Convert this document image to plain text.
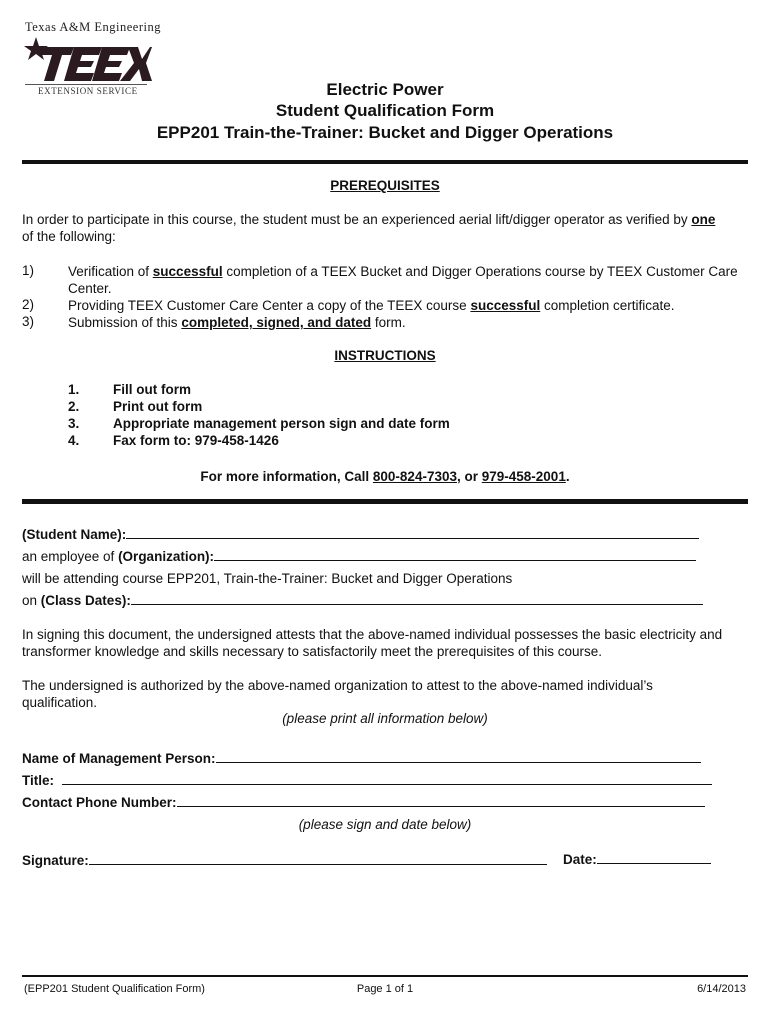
Texas A&M Engineering
TEEX
EXTENSION SERVICE	Electric Power
Student Qualification Form
EPP201 Train-the-Trainer: Bucket and Digger Operations
PREREQUISITES
In order to participate in this course, the student must be an experienced aerial lift/digger operator as verified by one
of the following:
1)	Verification of successful completion of a TEEX Bucket and Digger Operations course by TEEX Customer Care
Center.
2)	Providing TEEX Customer Care Center a copy of the TEEX course successful completion certificate.
3)	Submission of this completed, signed, and dated form.
INSTRUCTIONS
1.	Fill out form
2.	Print out form
3.	Appropriate management person sign and date form
4.	Fax form to: 979-458-1426
For more information, Call 800-824-7303, or 979-458-2001.
(Student Name):
an employee of (Organization):
will be attending course EPP201, Train-the-Trainer: Bucket and Digger Operations
on (Class Dates):
In signing this document, the undersigned attests that the above-named individual possesses the basic electricity and
transformer knowledge and skills necessary to satisfactorily meet the prerequisites of this course.
The undersigned is authorized by the above-named organization to attest to the above-named individual’s
qualification.
(please print all information below)
Name of Management Person:
Title:
Contact Phone Number:
(please sign and date below)
Signature:	Date:
(EPP201 Student Qualification Form)	Page 1 of 1	6/14/2013
